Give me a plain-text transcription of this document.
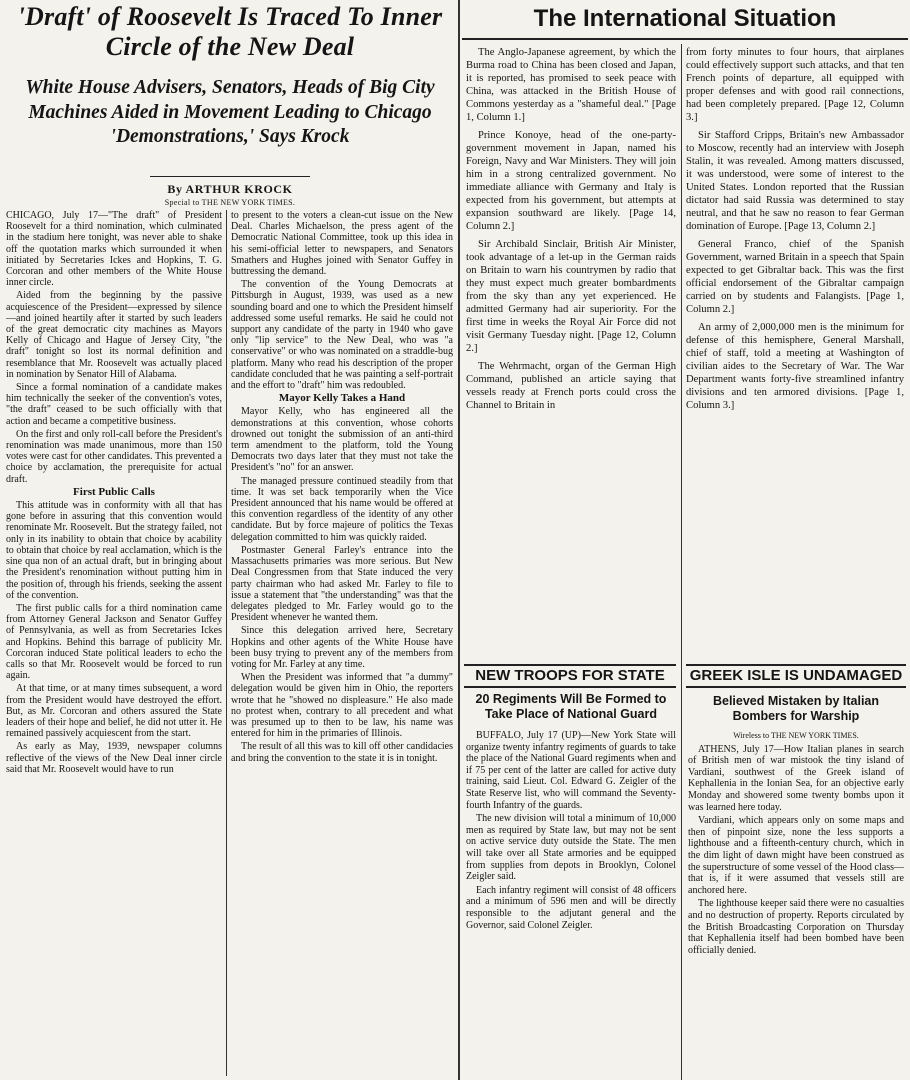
'Draft' of Roosevelt Is Traced To Inner Circle of the New Deal
White House Advisers, Senators, Heads of Big City Machines Aided in Movement Leading to Chicago 'Demonstrations,' Says Krock
By ARTHUR KROCK
Special to THE NEW YORK TIMES.

CHICAGO, July 17—"The draft" of President Roosevelt for a third nomination, which culminated in the stadium here tonight, was never able to shake off the quotation marks which surrounded it when initiated by Secretaries Ickes and Hopkins, T. G. Corcoran and other members of the White House inner circle.

Aided from the beginning by the passive acquiescence of the President—expressed by silence—and joined heartily after it started by such leaders of the great democratic city machines as Mayors Kelly of Chicago and Hague of Jersey City, "the draft" tonight so lost its normal definition and resemblance that Mr. Roosevelt was actually placed in nomination by Senator Hill of Alabama.

Since a formal nomination of a candidate makes him technically the seeker of the convention's votes, "the draft" ceased to be such officially with that action and became a competitive business.

On the first and only roll-call before the President's renomination was made unanimous, more than 150 votes were cast for other candidates. This prevented a choice by acclamation, the prerequisite for actual draft.

First Public Calls

This attitude was in conformity with all that has gone before in assuring that this convention would renominate Mr. Roosevelt. But the strategy failed, not only in its inability to obtain that choice by acability to obtain that choice by real acclamation, which is the sine qua non of an actual draft, but in bringing about the President's renomination without putting him in the position of, through his friends, seeking the assent of the convention.

The first public calls for a third nomination came from Attorney General Jackson and Senator Guffey of Pennsylvania, as well as from Secretaries Ickes and Hopkins. Behind this barrage of publicity Mr. Corcoran induced State political leaders to echo the calls so that Mr. Roosevelt would be forced to run again.

At that time, or at many times subsequent, a word from the President would have destroyed the effort. But, as Mr. Corcoran and others assured the State leaders of their hope and belief, he did not utter it. He remained passively acquiescent from the start.

As early as May, 1939, newspaper columns reflective of the views of the New Deal inner circle said that Mr. Roosevelt would have to run

to present to the voters a clean-cut issue on the New Deal. Charles Michaelson, the press agent of the Democratic National Committee, took up this idea in his semi-official letter to newspapers, and Senators Smathers and Hughes joined with Senator Guffey in buttressing the demand.

The convention of the Young Democrats at Pittsburgh in August, 1939, was used as a new sounding board and one to which the President himself addressed some useful remarks. He said he could not support any candidate of the party in 1940 who gave only "lip service" to the New Deal, who was "a conservative" or who was nominated on a straddle-bug platform. Many who read his description of the proper candidate concluded that he was painting a self-portrait and the effort to "draft" him was redoubled.

Mayor Kelly Takes a Hand

Mayor Kelly, who has engineered all the demonstrations at this convention, whose cohorts drowned out tonight the submission of an anti-third term amendment to the platform, told the Young Democrats two days later that they must not take the President's "no" for an answer.

The managed pressure continued steadily from that time. It was set back temporarily when the Vice President announced that his name would be offered at this convention regardless of the identity of any other candidate. But by force majeure of politics the Texas delegation committed to him was quickly raided.

Postmaster General Farley's entrance into the Massachusetts primaries was more serious. But New Deal Congressmen from that State induced the very party chairman who had asked Mr. Farley to file to issue a statement that "the understanding" was that the delegates pledged to Mr. Farley would go to the President whenever he wanted them.

Since this delegation arrived here, Secretary Hopkins and other agents of the White House have been busy trying to prevent any of the members from voting for Mr. Farley at any time.

When the President was informed that "a dummy" delegation would be given him in Ohio, the reporters wrote that he "showed no displeasure." He also made no protest when, contrary to all precedent and what was presumed up to then to be law, his name was entered for him in the primaries of Illinois.

The result of all this was to kill off other candidacies and bring the convention to the state it is in tonight.

The International Situation

The Anglo-Japanese agreement, by which the Burma road to China has been closed and Japan, it is reported, has promised to seek peace with China, was attacked in the British House of Commons yesterday as a "shameful deal." [Page 1, Column 1.]

Prince Konoye, head of the one-party-government movement in Japan, named his Foreign, Navy and War Ministers. They will join him in a strong centralized government. No immediate alliance with Germany and Italy is expected from his government, but attempts at expansion southward are likely. [Page 14, Column 2.]

Sir Archibald Sinclair, British Air Minister, took advantage of a let-up in the German raids on Britain to warn his countrymen by radio that they must expect much greater bombardments from the sky than any yet experienced. He admitted Germany had air superiority. For the first time in weeks the Royal Air Force did not visit Germany Tuesday night. [Page 12, Column 2.]

The Wehrmacht, organ of the German High Command, published an article saying that vessels ready at French ports could cross the Channel to Britain in

from forty minutes to four hours, that airplanes could effectively support such attacks, and that ten French points of departure, all equipped with proper defenses and with good rail connections, had been completely prepared. [Page 12, Column 3.]

Sir Stafford Cripps, Britain's new Ambassador to Moscow, recently had an interview with Joseph Stalin, it was revealed. Among matters discussed, it was understood, were some of interest to the United States. London reported that the Russian dictator had said Russia was determined to stay neutral, and that he saw no reason to fear German domination of Europe. [Page 13, Column 2.]

General Franco, chief of the Spanish Government, warned Britain in a speech that Spain expected to get Gibraltar back. This was the first official endorsement of the Gibraltar campaign carried on by students and Falangists. [Page 1, Column 2.]

An army of 2,000,000 men is the minimum for defense of this hemisphere, General Marshall, chief of staff, told a meeting at Washington of civilian aides to the Secretary of War. The War Department wants forty-five streamlined infantry divisions and ten armored divisions. [Page 1, Column 3.]

NEW TROOPS FOR STATE
20 Regiments Will Be Formed to Take Place of National Guard

BUFFALO, July 17 (UP)—New York State will organize twenty infantry regiments of guards to take the place of the National Guard regiments when and if 75 per cent of the latter are called for active duty training, said Lieut. Col. Edward G. Zeigler of the State Reserve list, who will command the Seventy-fourth Infantry of the guards.

The new division will total a minimum of 10,000 men as required by State law, but may not be sent on active service duty outside the State. The men will take over all State armories and be equipped from supplies from depots in Brooklyn, Colonel Zeigler said.

Each infantry regiment will consist of 48 officers and a minimum of 596 men and will be directly responsible to the adjutant general and the Governor, said Colonel Zeigler.

GREEK ISLE IS UNDAMAGED
Believed Mistaken by Italian Bombers for Warship

Wireless to THE NEW YORK TIMES.

ATHENS, July 17—How Italian planes in search of British men of war mistook the tiny island of Vardiani, southwest of the Greek island of Kephallenia in the Ionian Sea, for an objective early Monday and showered some twenty bombs upon it was learned here today.

Vardiani, which appears only on some maps and then of pinpoint size, none the less supports a lighthouse and a fifteenth-century church, which in the dim light of dawn might have been construed as the superstructure of some vessel of the Hood class—that is, if it were assumed that vessels still are anchored here.

The lighthouse keeper said there were no casualties and no destruction of property. Reports circulated by the British Broadcasting Corporation on Thursday that Kephallenia itself had been bombed have been officially denied.
